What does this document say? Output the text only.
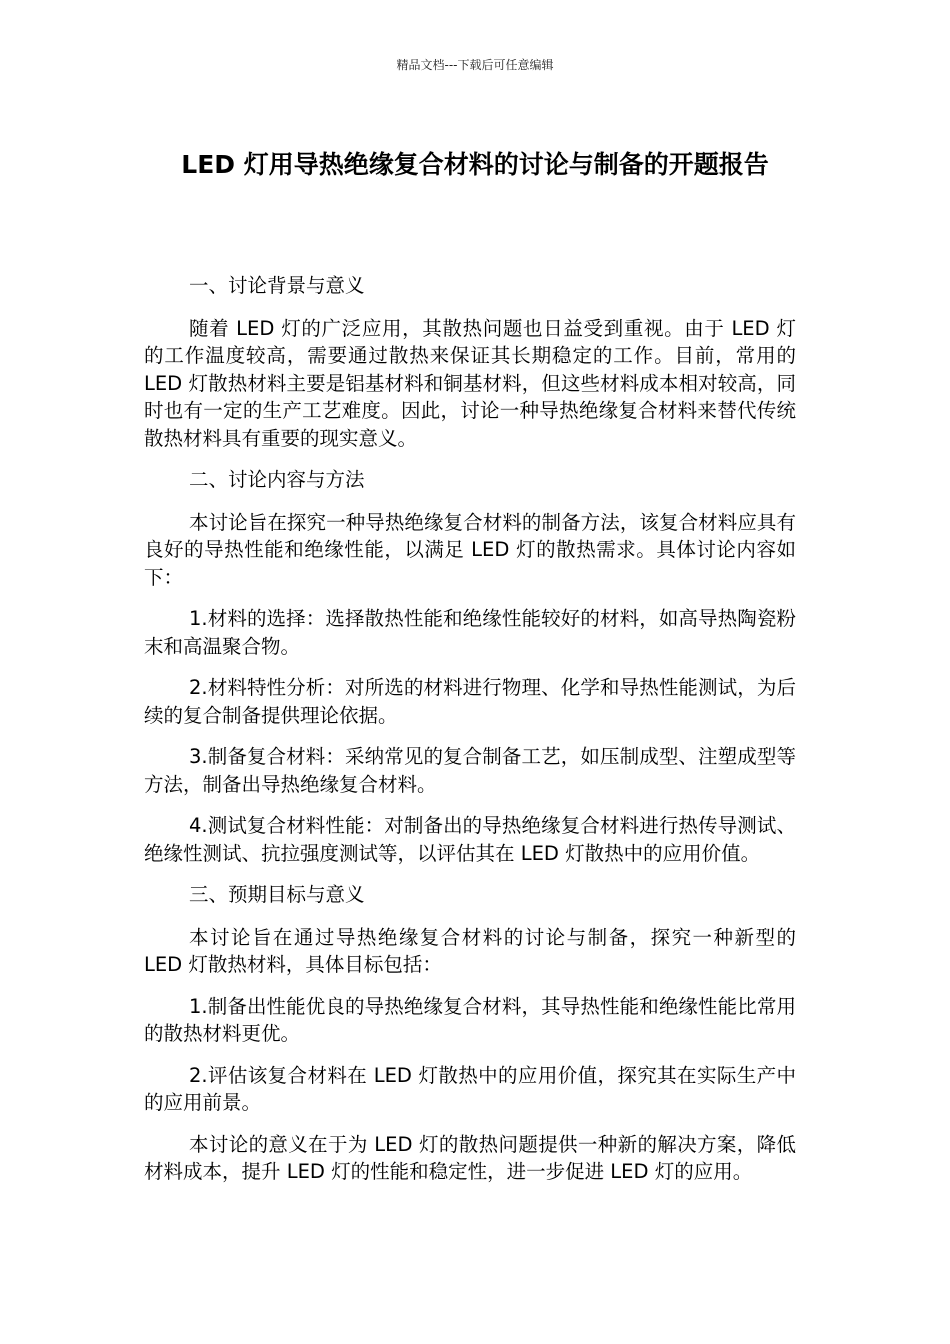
精品文档---下载后可任意编辑
LED 灯用导热绝缘复合材料的讨论与制备的开题报告

一、讨论背景与意义

随着 LED 灯的广泛应用，其散热问题也日益受到重视。由于 LED 灯的工作温度较高，需要通过散热来保证其长期稳定的工作。目前，常用的 LED 灯散热材料主要是铝基材料和铜基材料，但这些材料成本相对较高，同时也有一定的生产工艺难度。因此，讨论一种导热绝缘复合材料来替代传统散热材料具有重要的现实意义。

二、讨论内容与方法

本讨论旨在探究一种导热绝缘复合材料的制备方法，该复合材料应具有良好的导热性能和绝缘性能，以满足 LED 灯的散热需求。具体讨论内容如下：

1.材料的选择：选择散热性能和绝缘性能较好的材料，如高导热陶瓷粉末和高温聚合物。

2.材料特性分析：对所选的材料进行物理、化学和导热性能测试，为后续的复合制备提供理论依据。

3.制备复合材料：采纳常见的复合制备工艺，如压制成型、注塑成型等方法，制备出导热绝缘复合材料。

4.测试复合材料性能：对制备出的导热绝缘复合材料进行热传导测试、绝缘性测试、抗拉强度测试等，以评估其在 LED 灯散热中的应用价值。

三、预期目标与意义

本讨论旨在通过导热绝缘复合材料的讨论与制备，探究一种新型的 LED 灯散热材料，具体目标包括：

1.制备出性能优良的导热绝缘复合材料，其导热性能和绝缘性能比常用的散热材料更优。

2.评估该复合材料在 LED 灯散热中的应用价值，探究其在实际生产中的应用前景。

本讨论的意义在于为 LED 灯的散热问题提供一种新的解决方案，降低材料成本，提升 LED 灯的性能和稳定性，进一步促进 LED 灯的应用。
